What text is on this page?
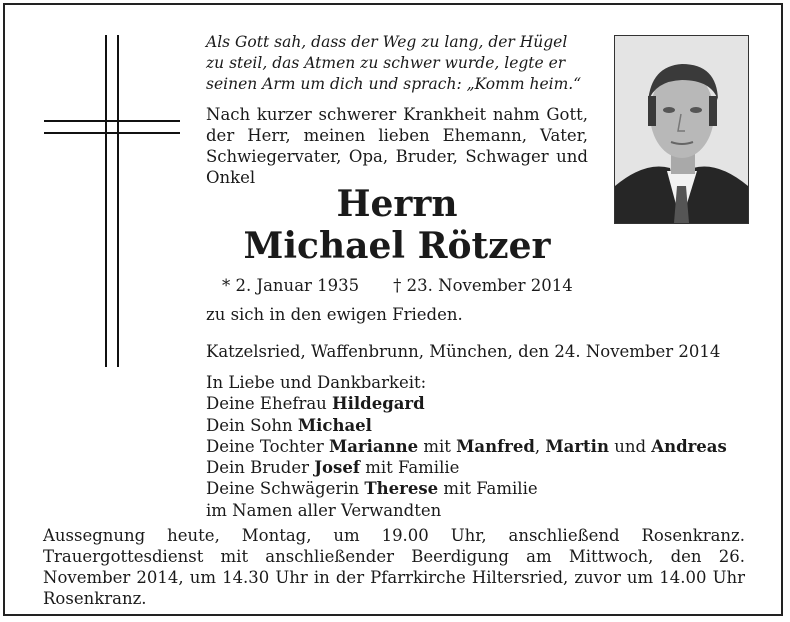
Als Gott sah, dass der Weg zu lang, der Hügel
zu steil, das Atmen zu schwer wurde, legte er
seinen Arm um dich und sprach: „Komm heim.“
Nach kurzer schwerer Krankheit nahm Gott, der Herr, meinen lieben Ehemann, Vater, Schwiegervater, Opa, Bruder, Schwager und Onkel
Herrn
Michael Rötzer
* 2. Januar 1935 † 23. November 2014
zu sich in den ewigen Frieden.
Katzelsried, Waffenbrunn, München, den 24. November 2014
In Liebe und Dankbarkeit:
Deine Ehefrau Hildegard
Dein Sohn Michael
Deine Tochter Marianne mit Manfred, Martin und Andreas
Dein Bruder Josef mit Familie
Deine Schwägerin Therese mit Familie
im Namen aller Verwandten
Aussegnung heute, Montag, um 19.00 Uhr, anschließend Rosenkranz. Trauergottesdienst mit anschließender Beerdigung am Mittwoch, den 26. November 2014, um 14.30 Uhr in der Pfarrkirche Hiltersried, zuvor um 14.00 Uhr Rosenkranz.
